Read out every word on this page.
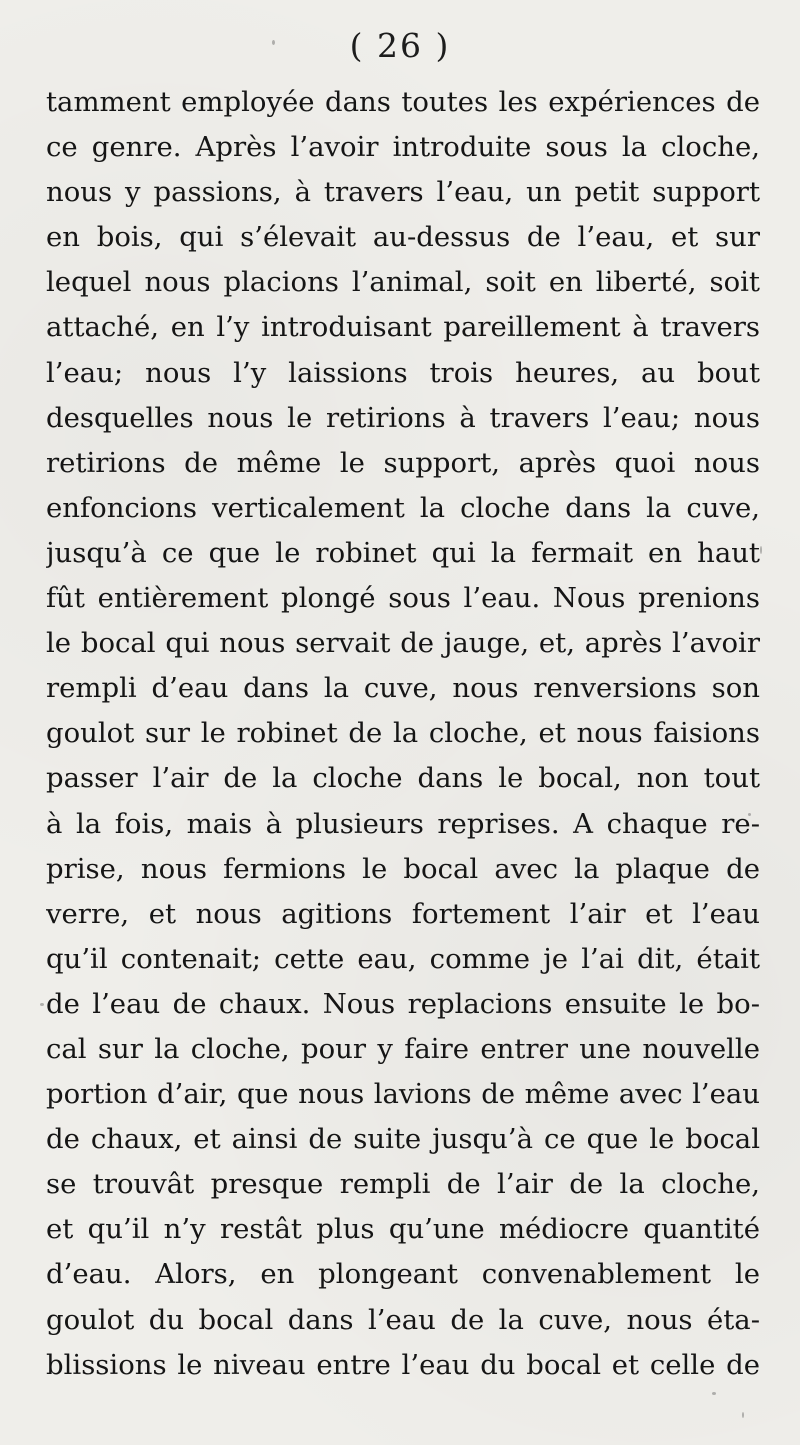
( 26 )
tamment employée dans toutes les expériences de
ce genre. Après l’avoir introduite sous la cloche,
nous y passions, à travers l’eau, un petit support
en bois, qui s’élevait au-dessus de l’eau, et sur
lequel nous placions l’animal, soit en liberté, soit
attaché, en l’y introduisant pareillement à travers
l’eau; nous l’y laissions trois heures, au bout
desquelles nous le retirions à travers l’eau; nous
retirions de même le support, après quoi nous
enfoncions verticalement la cloche dans la cuve,
jusqu’à ce que le robinet qui la fermait en haut
fût entièrement plongé sous l’eau. Nous prenions
le bocal qui nous servait de jauge, et, après l’avoir
rempli d’eau dans la cuve, nous renversions son
goulot sur le robinet de la cloche, et nous faisions
passer l’air de la cloche dans le bocal, non tout
à la fois, mais à plusieurs reprises. A chaque re-
prise, nous fermions le bocal avec la plaque de
verre, et nous agitions fortement l’air et l’eau
qu’il contenait; cette eau, comme je l’ai dit, était
de l’eau de chaux. Nous replacions ensuite le bo-
cal sur la cloche, pour y faire entrer une nouvelle
portion d’air, que nous lavions de même avec l’eau
de chaux, et ainsi de suite jusqu’à ce que le bocal
se trouvât presque rempli de l’air de la cloche,
et qu’il n’y restât plus qu’une médiocre quantité
d’eau. Alors, en plongeant convenablement le
goulot du bocal dans l’eau de la cuve, nous éta-
blissions le niveau entre l’eau du bocal et celle de
